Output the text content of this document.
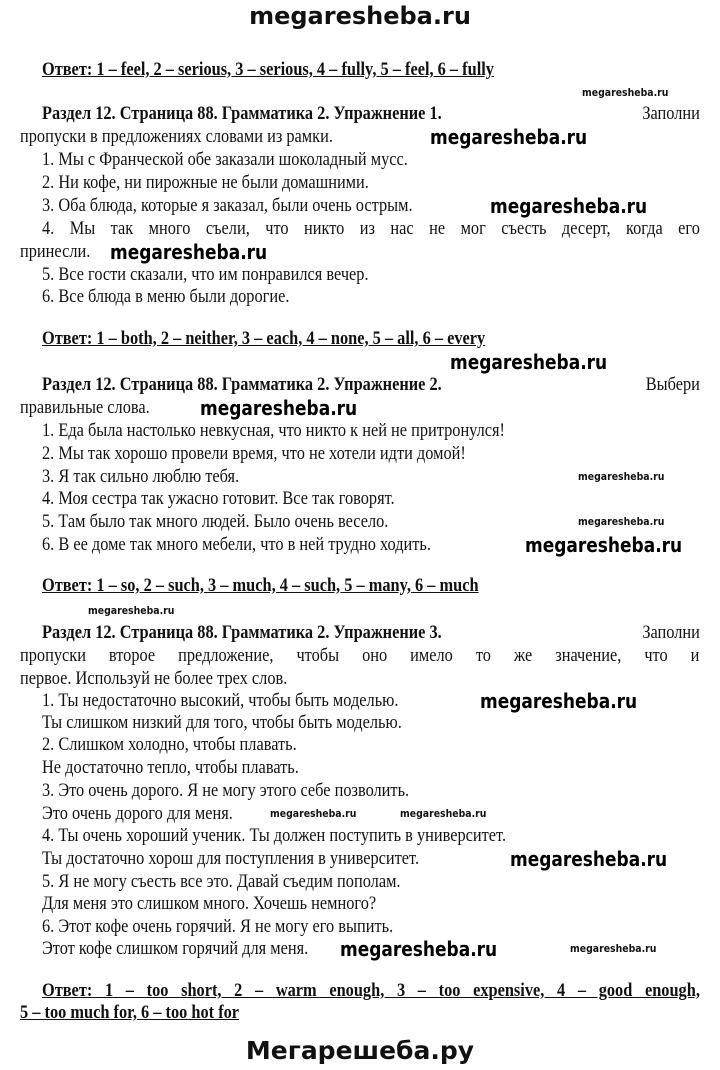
megaresheba.ru
Ответ: 1 – feel, 2 – serious, 3 – serious, 4 – fully, 5 – feel, 6 – fully
megaresheba.ru
Раздел 12. Страница 88. Грамматика 2. Упражнение 1.	Заполни
пропуски в предложениях словами из рамки.	megaresheba.ru
1. Мы с Франческой обе заказали шоколадный мусс.
2. Ни кофе, ни пирожные не были домашними.
3. Оба блюда, которые я заказал, были очень острым.	megaresheba.ru
4. Мы так много съели, что никто из нас не мог съесть десерт, когда его
принесли. megaresheba.ru
5. Все гости сказали, что им понравился вечер.
6. Все блюда в меню были дорогие.
Ответ: 1 – both, 2 – neither, 3 – each, 4 – none, 5 – all, 6 – every
megaresheba.ru
Раздел 12. Страница 88. Грамматика 2. Упражнение 2.	Выбери
правильные слова.	megaresheba.ru
1. Еда была настолько невкусная, что никто к ней не притронулся!
2. Мы так хорошо провели время, что не хотели идти домой!
3. Я так сильно люблю тебя.	megaresheba.ru
4. Моя сестра так ужасно готовит. Все так говорят.
5. Там было так много людей. Было очень весело.	megaresheba.ru
6. В ее доме так много мебели, что в ней трудно ходить.	megaresheba.ru
Ответ: 1 – so, 2 – such, 3 – much, 4 – such, 5 – many, 6 – much
megaresheba.ru
Раздел 12. Страница 88. Грамматика 2. Упражнение 3.	Заполни
пропуски второе предложение, чтобы оно имело то же значение, что и
первое. Используй не более трех слов.
1. Ты недостаточно высокий, чтобы быть моделью.	megaresheba.ru
Ты слишком низкий для того, чтобы быть моделью.
2. Слишком холодно, чтобы плавать.
Не достаточно тепло, чтобы плавать.
3. Это очень дорого. Я не могу этого себе позволить.
Это очень дорого для меня.	megaresheba.ru	megaresheba.ru
4. Ты очень хороший ученик. Ты должен поступить в университет.
Ты достаточно хорош для поступления в университет.	megaresheba.ru
5. Я не могу съесть все это. Давай съедим пополам.
Для меня это слишком много. Хочешь немного?
6. Этот кофе очень горячий. Я не могу его выпить.
Этот кофе слишком горячий для меня. megaresheba.ru	megaresheba.ru
Ответ: 1 – too short, 2 – warm enough, 3 – too expensive, 4 – good enough,
5 – too much for, 6 – too hot for
Мегарешеба.ру
